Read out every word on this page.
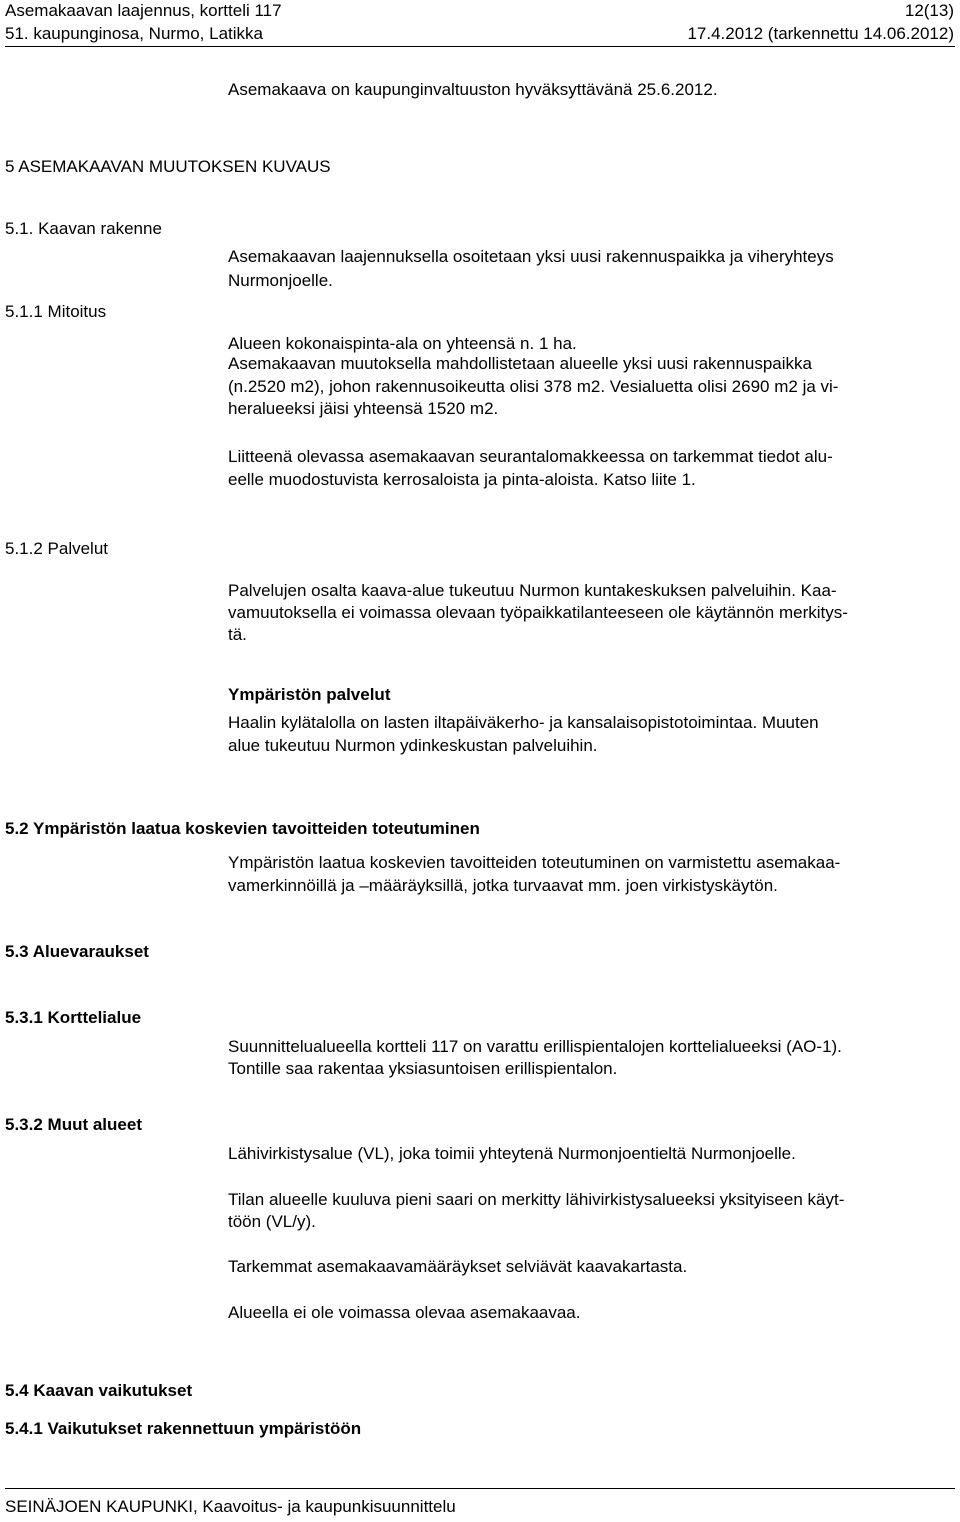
Asemakaavan laajennus, kortteli 117
51. kaupunginosa, Nurmo, Latikka
12(13)
17.4.2012 (tarkennettu 14.06.2012)
Asemakaava on kaupunginvaltuuston hyväksyttävänä 25.6.2012.
5 ASEMAKAAVAN MUUTOKSEN KUVAUS
5.1. Kaavan rakenne
Asemakaavan laajennuksella osoitetaan yksi uusi rakennuspaikka ja viheryhteys
Nurmonjoelle.
5.1.1 Mitoitus
Alueen kokonaispinta-ala on yhteensä n. 1 ha.
Asemakaavan muutoksella mahdollistetaan alueelle yksi uusi rakennuspaikka
(n.2520 m2), johon rakennusoikeutta olisi 378 m2. Vesialuetta olisi 2690 m2 ja vi-
heralueeksi jäisi yhteensä 1520 m2.
Liitteenä olevassa asemakaavan seurantalomakkeessa on tarkemmat tiedot alu-
eelle muodostuvista kerrosaloista ja pinta-aloista. Katso liite 1.
5.1.2 Palvelut
Palvelujen osalta kaava-alue tukeutuu Nurmon kuntakeskuksen palveluihin. Kaa-
vamuutoksella ei voimassa olevaan työpaikkatilanteeseen ole käytännön merkitys-
tä.
Ympäristön palvelut
Haalin kylätalolla on lasten iltapäiväkerho- ja kansalaisopistotoimintaa. Muuten
alue tukeutuu Nurmon ydinkeskustan palveluihin.
5.2 Ympäristön laatua koskevien tavoitteiden toteutuminen
Ympäristön laatua koskevien tavoitteiden toteutuminen on varmistettu asemakaa-
vamerkinnöillä ja –määräyksillä, jotka turvaavat mm. joen virkistyskäytön.
5.3 Aluevaraukset
5.3.1 Korttelialue
Suunnittelualueella kortteli 117 on varattu erillispientalojen korttelialueeksi (AO-1).
Tontille saa rakentaa yksiasuntoisen erillispientalon.
5.3.2 Muut alueet
Lähivirkistysalue (VL), joka toimii yhteytenä Nurmonjoentieltä Nurmonjoelle.
Tilan alueelle kuuluva pieni saari on merkitty lähivirkistysalueeksi yksityiseen käyt-
töön (VL/y).
Tarkemmat asemakaavamääräykset selviävät kaavakartasta.
Alueella ei ole voimassa olevaa asemakaavaa.
5.4 Kaavan vaikutukset
5.4.1 Vaikutukset rakennettuun ympäristöön
SEINÄJOEN KAUPUNKI, Kaavoitus- ja kaupunkisuunnittelu
